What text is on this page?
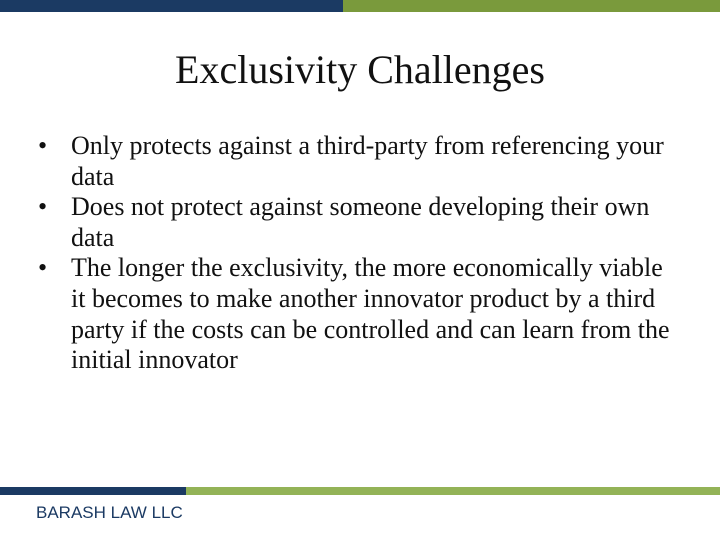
Exclusivity Challenges
• Only protects against a third-party from referencing your data
• Does not protect against someone developing their own data
• The longer the exclusivity, the more economically viable it becomes to make another innovator product by a third party if the costs can be controlled and can learn from the initial innovator
BARASH LAW LLC
